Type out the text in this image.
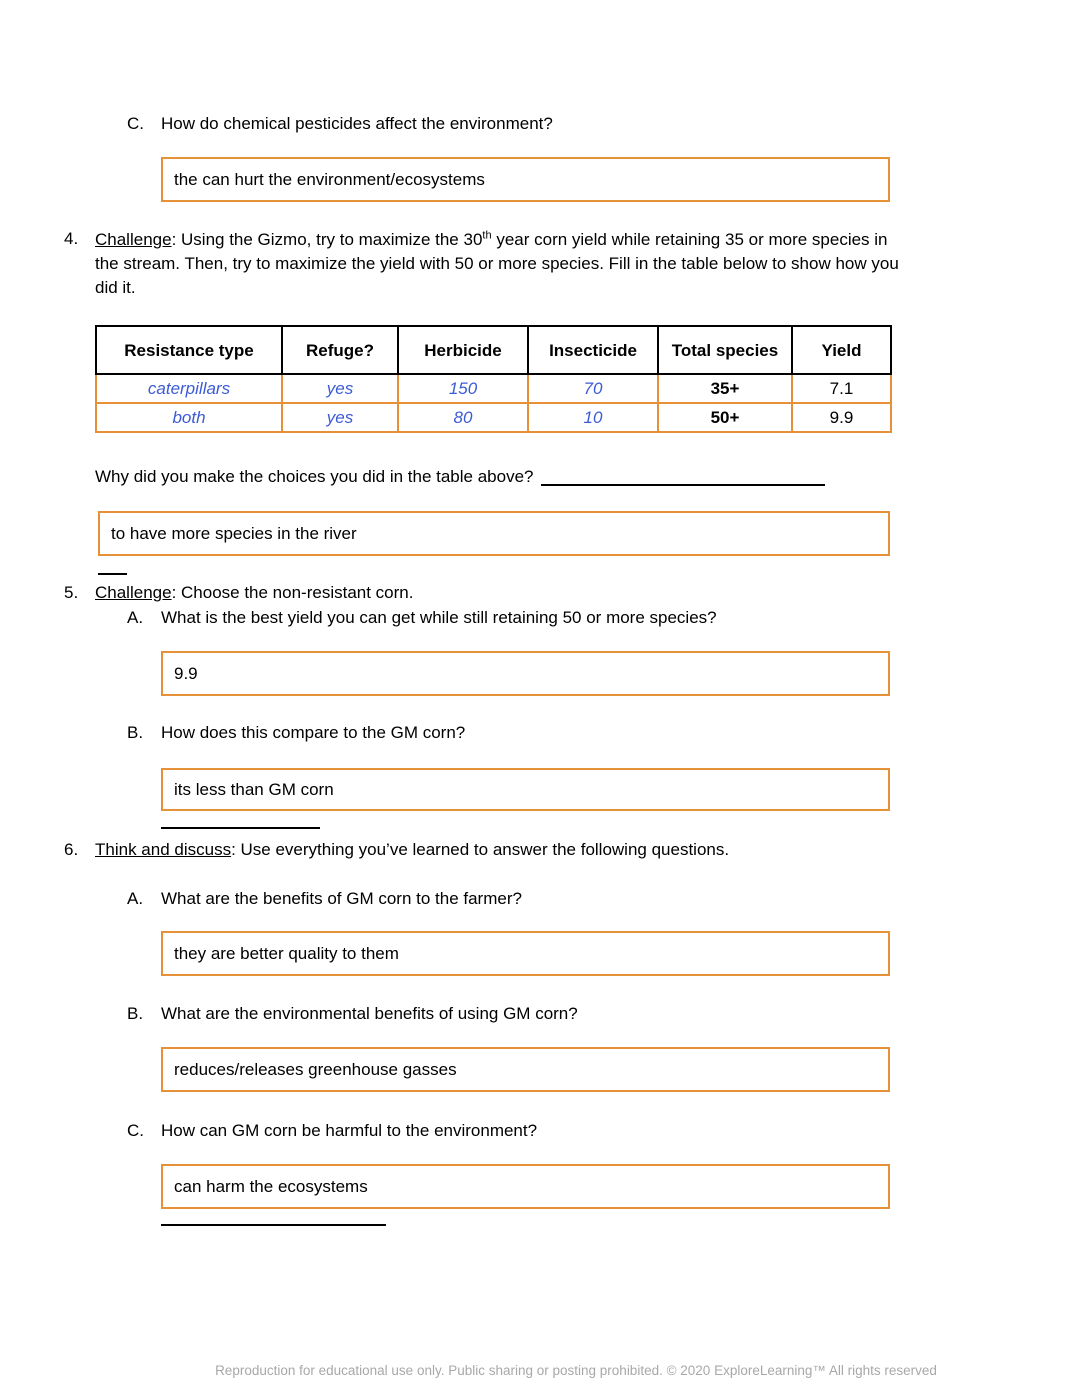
C.	How do chemical pesticides affect the environment?
the can hurt the environment/ecosystems
4. Challenge: Using the Gizmo, try to maximize the 30th year corn yield while retaining 35 or more species in
the stream. Then, try to maximize the yield with 50 or more species. Fill in the table below to show how you
did it.
Resistance type	Refuge?	Herbicide	Insecticide	Total species	Yield
caterpillars	yes	150	70	35+	7.1
both	yes	80	10	50+	9.9
Why did you make the choices you did in the table above?
to have more species in the river
5. Challenge: Choose the non-resistant corn.
A.	What is the best yield you can get while still retaining 50 or more species?
9.9
B.	How does this compare to the GM corn?
its less than GM corn
6. Think and discuss: Use everything you’ve learned to answer the following questions.
A.	What are the benefits of GM corn to the farmer?
they are better quality to them
B.	What are the environmental benefits of using GM corn?
reduces/releases greenhouse gasses
C.	How can GM corn be harmful to the environment?
can harm the ecosystems
Reproduction for educational use only. Public sharing or posting prohibited. © 2020 ExploreLearning™ All rights reserved
